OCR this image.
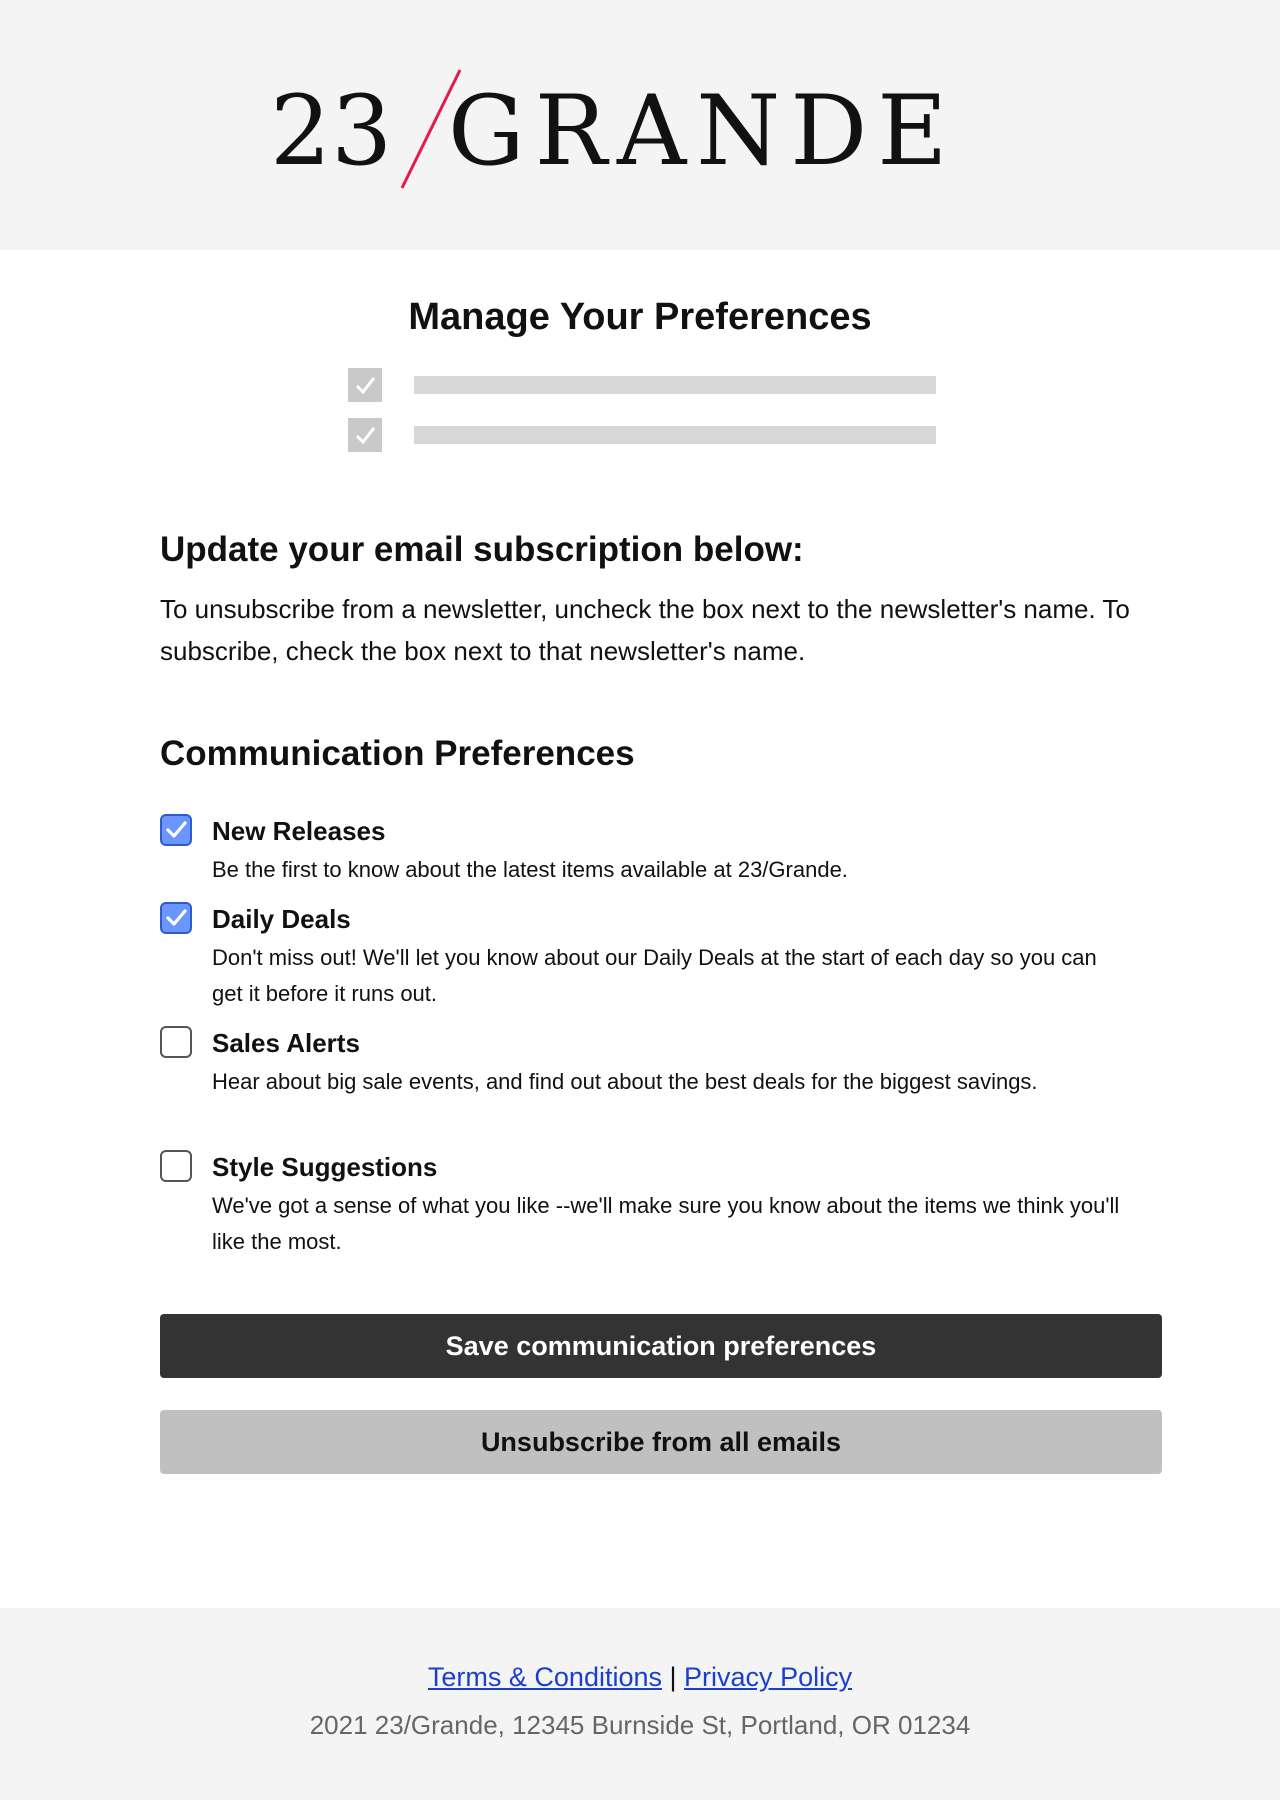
23 GRANDE
Manage Your Preferences
Update your email subscription below:
To unsubscribe from a newsletter, uncheck the box next to the newsletter's name. To subscribe, check the box next to that newsletter's name.
Communication Preferences
New Releases
Be the first to know about the latest items available at 23/Grande.
Daily Deals
Don't miss out! We'll let you know about our Daily Deals at the start of each day so you can get it before it runs out.
Sales Alerts
Hear about big sale events, and find out about the best deals for the biggest savings.
Style Suggestions
We've got a sense of what you like --we'll make sure you know about the items we think you'll like the most.
Save communication preferences
Unsubscribe from all emails
Terms & Conditions | Privacy Policy
2021 23/Grande, 12345 Burnside St, Portland, OR 01234
